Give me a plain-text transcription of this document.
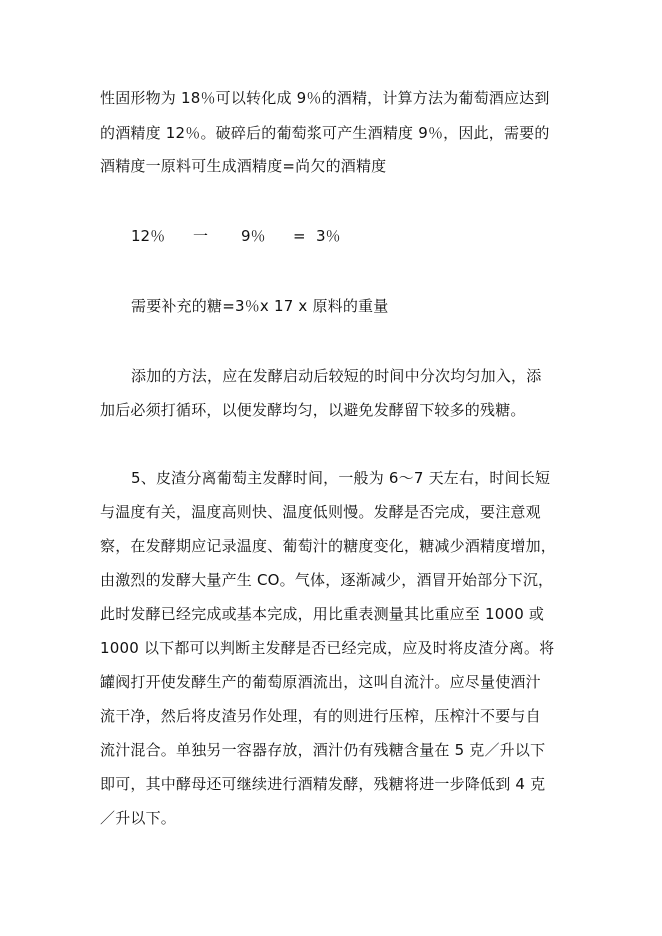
性固形物为 18％可以转化成 9％的酒精，计算方法为葡萄酒应达到
的酒精度 12％。破碎后的葡萄浆可产生酒精度 9％，因此，需要的
酒精度一原料可生成酒精度=尚欠的酒精度
12％ 一 9％ = 3％
需要补充的糖=3％x 17 x 原料的重量
添加的方法，应在发酵启动后较短的时间中分次均匀加入，添
加后必须打循环，以便发酵均匀，以避免发酵留下较多的残糖。
5、皮渣分离葡萄主发酵时间，一般为 6～7 天左右，时间长短
与温度有关，温度高则快、温度低则慢。发酵是否完成，要注意观
察，在发酵期应记录温度、葡萄汁的糖度变化，糖减少酒精度增加，
由激烈的发酵大量产生 CO。气体，逐渐减少，酒冒开始部分下沉，
此时发酵已经完成或基本完成，用比重表测量其比重应至 1000 或
1000 以下都可以判断主发酵是否已经完成，应及时将皮渣分离。将
罐阀打开使发酵生产的葡萄原酒流出，这叫自流汁。应尽量使酒汁
流干净，然后将皮渣另作处理，有的则进行压榨，压榨汁不要与自
流汁混合。单独另一容器存放，酒汁仍有残糖含量在 5 克／升以下
即可，其中酵母还可继续进行酒精发酵，残糖将进一步降低到 4 克
／升以下。
